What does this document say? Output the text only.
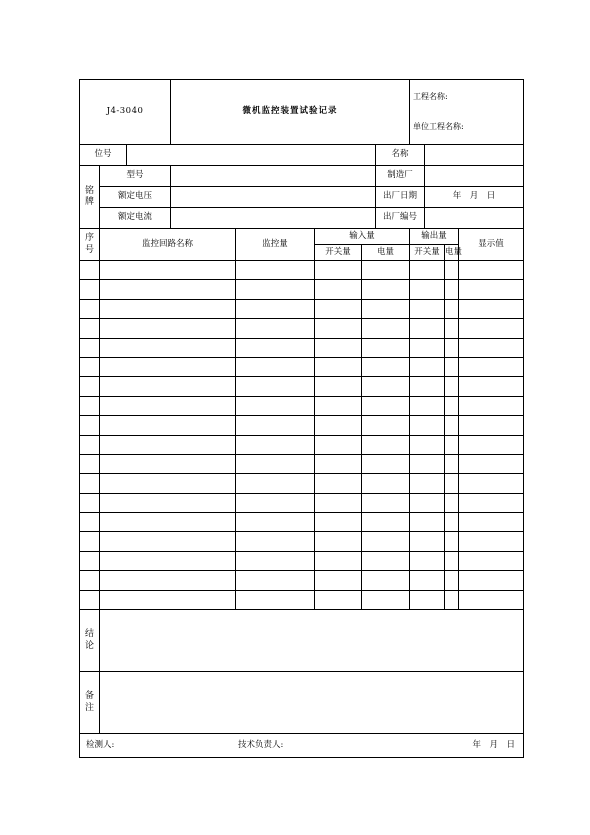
J4-3040			微机监控装置试验记录					工程名称:
单位工程名称:			

位号							名称				
铭牌	型号						制造厂				
	额定电压						出厂日期		年　月　日		
	额定电流						出厂编号				
序号	监控回路名称			监控量	输入量			输出量			显示值
					开关量	电量		开关量		电量	

结论											
备注											

检测人: 技术负责人: 年　月　日											
